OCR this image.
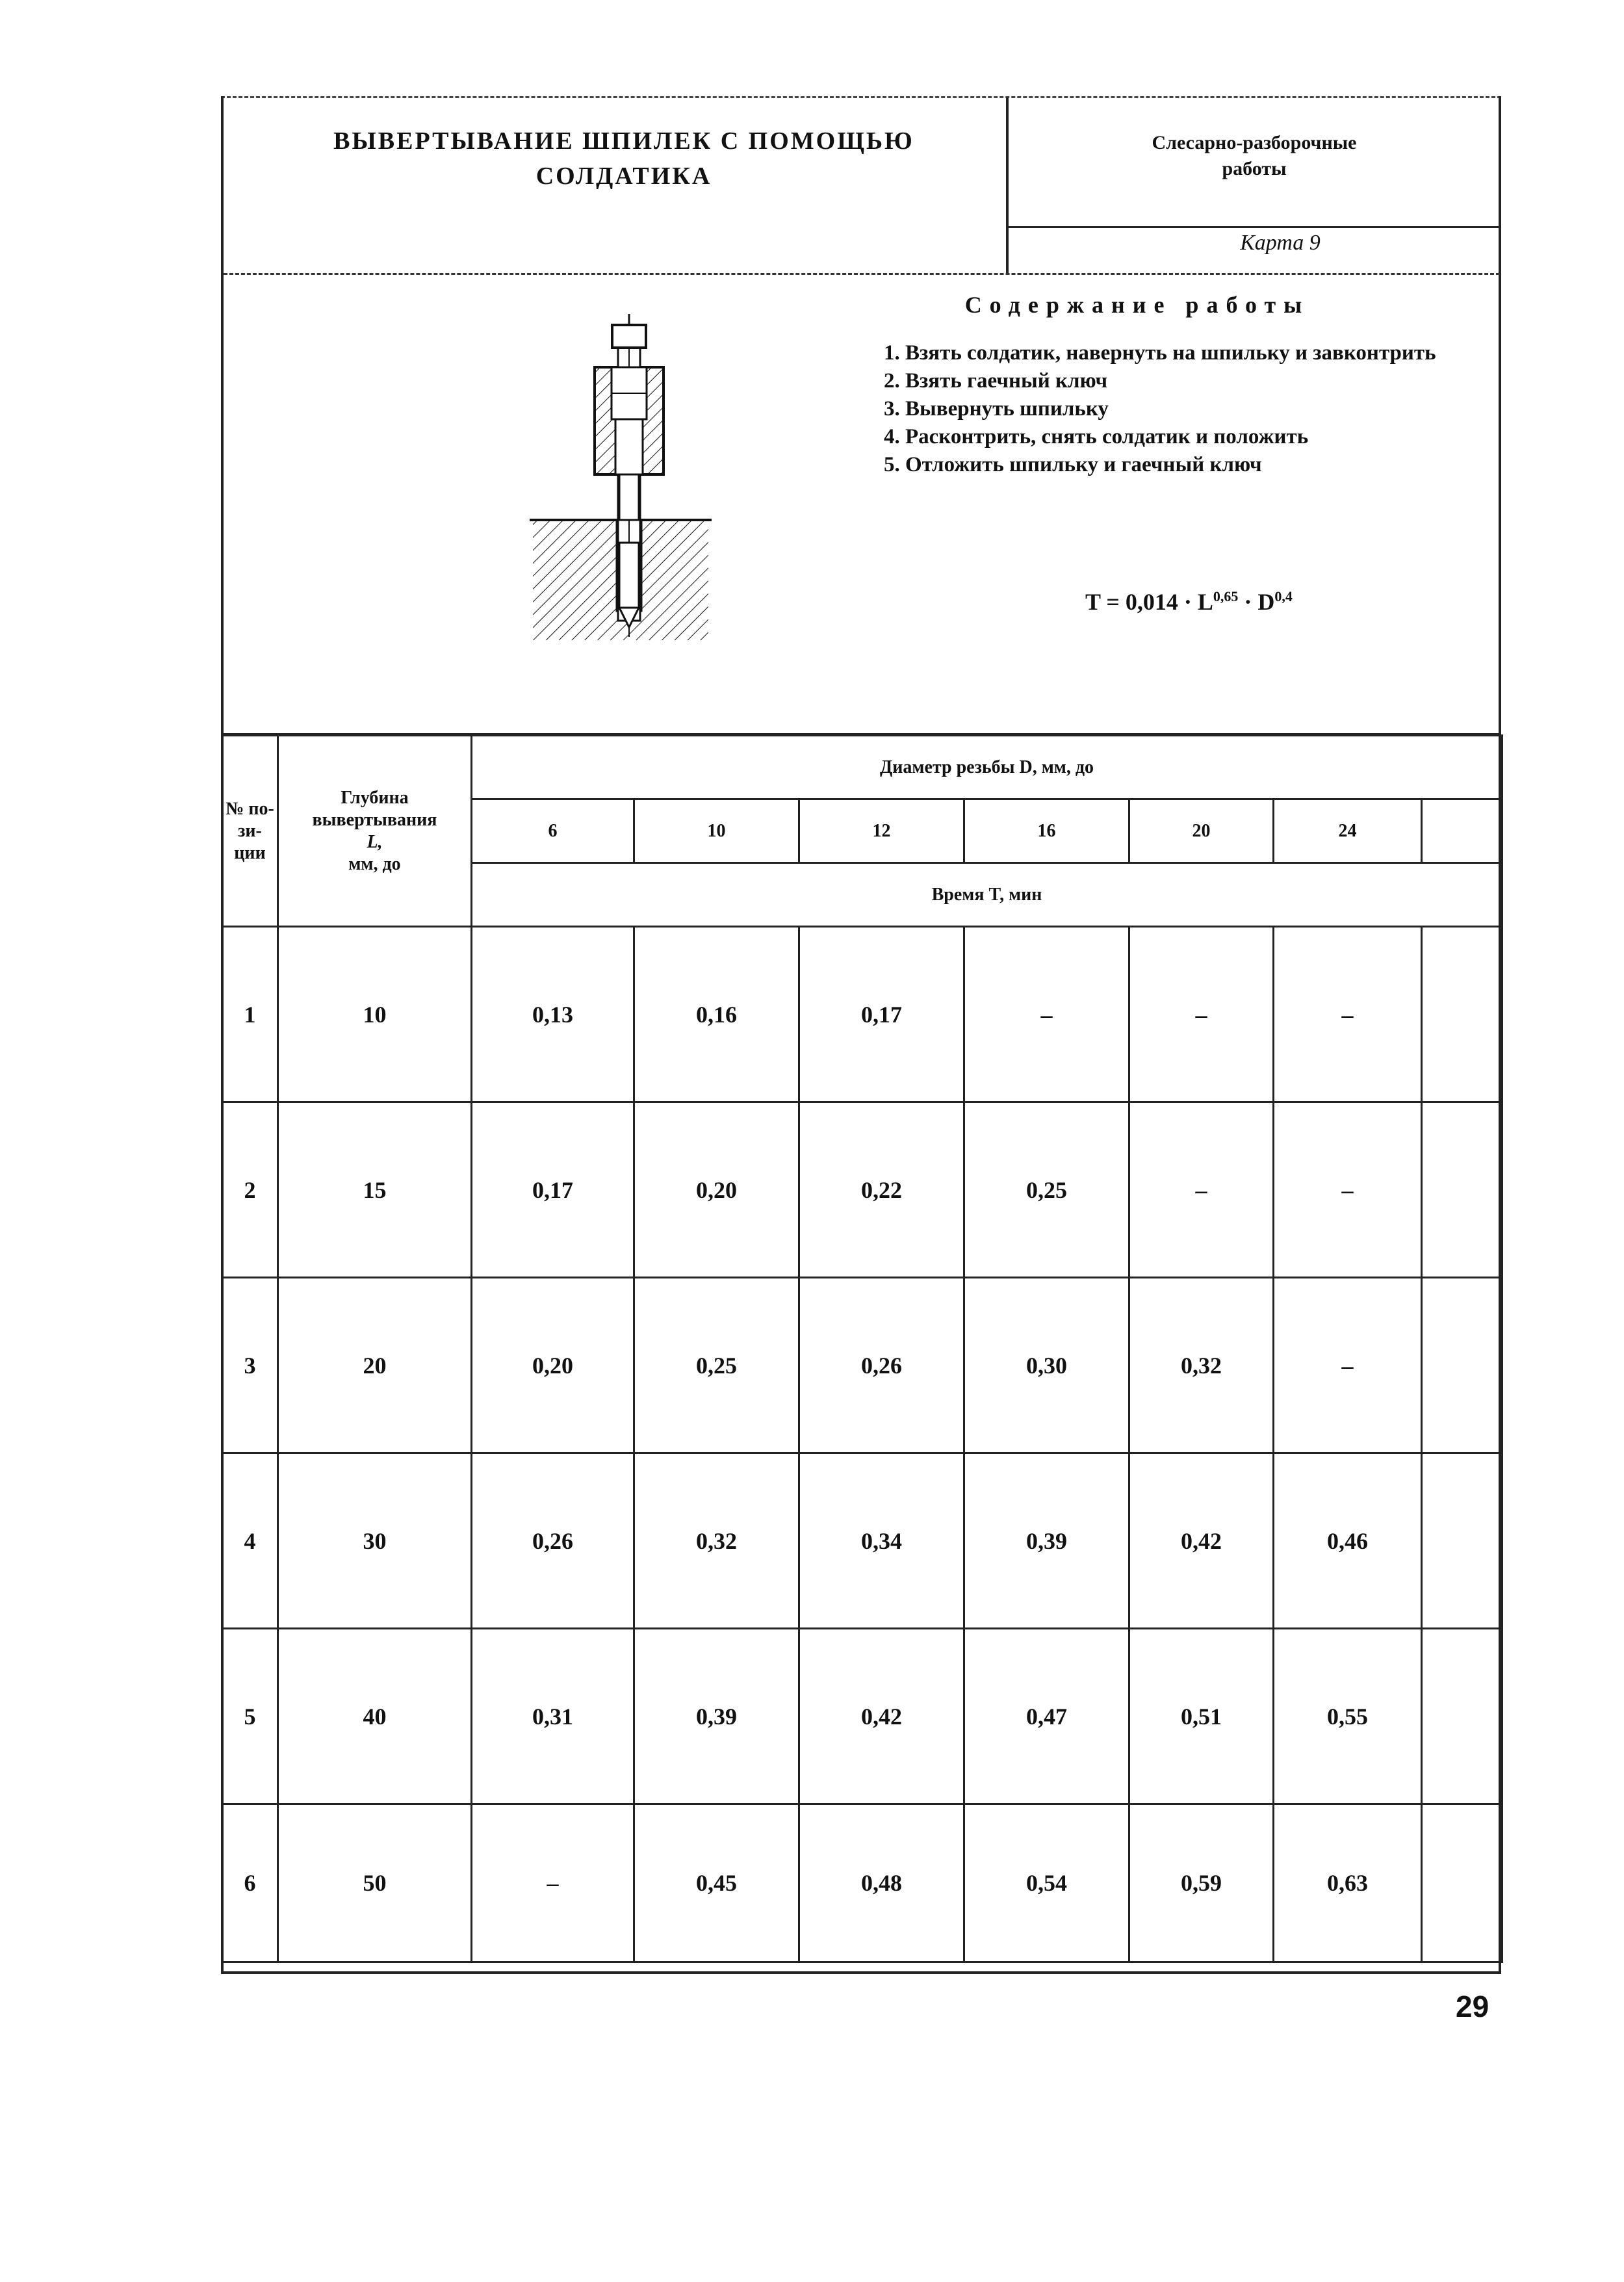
ВЫВЕРТЫВАНИЕ ШПИЛЕК С ПОМОЩЬЮ
СОЛДАТИКА
Слесарно-разборочные
работы
Карта 9
Содержание работы
1. Взять солдатик, навернуть на шпильку и завконтрить
2. Взять гаечный ключ
3. Вывернуть шпильку
4. Расконтрить, снять солдатик и положить
5. Отложить шпильку и гаечный ключ
T = 0,014 · L$^{0,65}$ · D$^{0,4}$
№ по- зи- ции	Глубина
вывертывания
L,
мм, до	Диаметр резьбы D, мм, до						
		6	10	12	16	20	24	
		Время T, мин						
1	10	0,13	0,16	0,17	–	–	–	
2	15	0,17	0,20	0,22	0,25	–	–	
3	20	0,20	0,25	0,26	0,30	0,32	–	
4	30	0,26	0,32	0,34	0,39	0,42	0,46	
5	40	0,31	0,39	0,42	0,47	0,51	0,55	
6	50	–	0,45	0,48	0,54	0,59	0,63	
29
